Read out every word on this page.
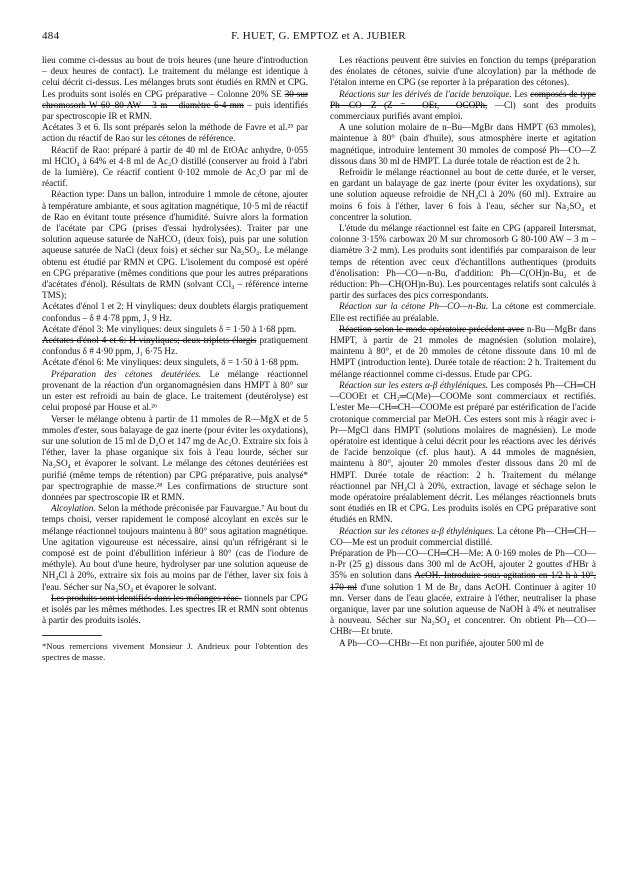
484	F. HUET, G. EMPTOZ et A. JUBIER

lieu comme ci-dessus au bout de trois heures (une heure d'introduction – deux heures de contact). Le traitement du mélange est identique à celui décrit ci-dessus. Les mélanges bruts sont étudiés en RMN et CPG. Les produits sont isolés en CPG préparative – Colonne 20% SE 30 sur chromosorb W 60–80 AW – 3 m – diamètre 6·4 mm – puis identifiés par spectroscopie IR et RMN.

Acétates 3 et 6. Ils sont préparés selon la méthode de Favre et al.²⁵ par action du réactif de Rao sur les cétones de référence.

Réactif de Rao: préparé à partir de 40 ml de EtOAc anhydre, 0·055 ml HClO₄ à 64% et 4·8 ml de Ac₂O distillé (conserver au froid à l'abri de la lumière). Ce réactif contient 0·102 mmole de Ac₂O par ml de réactif.

Réaction type: Dans un ballon, introduire 1 mmole de cétone, ajouter à température ambiante, et sous agitation magnétique, 10·5 ml de réactif de Rao en évitant toute présence d'humidité. Suivre alors la formation de l'acétate par CPG (prises d'essai hydrolysées). Traiter par une solution aqueuse saturée de NaHCO₃ (deux fois), puis par une solution aqueuse saturée de NaCl (deux fois) et sécher sur Na₂SO₄. Le mélange obtenu est étudié par RMN et CPG. L'isolement du composé est opéré en CPG préparative (mêmes conditions que pour les autres préparations d'acétates d'énol). Résultats de RMN (solvant CCl₄ – référence interne TMS);

Acétates d'énol 1 et 2: H vinyliques: deux doublets élargis pratiquement confondus – δ # 4·78 ppm, J₁ 9 Hz.

Acétate d'énol 3: Me vinyliques: deux singulets δ = 1·50 à 1·68 ppm.

Acétates d'énol 4 et 6: H vinyliques; deux triplets élargis pratiquement confondus δ # 4·90 ppm, J₁ 6·75 Hz.

Acétate d'énol 6: Me vinyliques: deux singulets, δ = 1·50 à 1·68 ppm.

Préparation des cétones deutériées. Le mélange réactionnel provenant de la réaction d'un organomagnésien dans HMPT à 80° sur un ester est refroidi au bain de glace. Le traitement (deutérolyse) est celui proposé par House et al.²⁶

Verser le mélange obtenu à partir de 11 mmoles de R—MgX et de 5 mmoles d'ester, sous balayage de gaz inerte (pour éviter les oxydations), sur une solution de 15 ml de D₂O et 147 mg de Ac₂O. Extraire six fois à l'éther, laver la phase organique six fois à l'eau lourde, sécher sur Na₂SO₄ et évaporer le solvant. Le mélange des cétones deutériées est purifié (même temps de rétention) par CPG préparative, puis analysé* par spectrographie de masse.²⁸ Les confirmations de structure sont données par spectroscopie IR et RMN.

Alcoylation. Selon la méthode préconisée par Fauvargue.⁷ Au bout du temps choisi, verser rapidement le composé alcoylant en excès sur le mélange réactionnel toujours maintenu à 80° sous agitation magnétique. Une agitation vigoureuse est nécessaire, ainsi qu'un réfrigérant si le composé est de point d'ébullition inférieur à 80° (cas de l'iodure de méthyle). Au bout d'une heure, hydrolyser par une solution aqueuse de NH₄Cl à 20%, extraire six fois au moins par de l'éther, laver six fois à l'eau. Sécher sur Na₂SO₄ et évaporer le solvant.

Les produits sont identifiés dans les mélanges réac- tionnels par CPG et isolés par les mêmes méthodes. Les spectres IR et RMN sont obtenus à partir des produits isolés.

*Nous remercions vivement Monsieur J. Andrieux pour l'obtention des spectres de masse.

Les réactions peuvent être suivies en fonction du temps (préparation des énolates de cétones, suivie d'une alcoylation) par la méthode de l'étalon interne en CPG (se reporter à la préparation des cétones).

Réactions sur les dérivés de l'acide benzoïque. Les composés de type Ph—CO—Z (Z = —OEt, —OCOPh, —Cl) sont des produits commerciaux purifiés avant emploi.

A une solution molaire de n–Bu—MgBr dans HMPT (63 mmoles), maintenue à 80° (bain d'huile), sous atmosphère inerte et agitation magnétique, introduire lentement 30 mmoles de composé Ph—CO—Z dissous dans 30 ml de HMPT. La durée totale de réaction est de 2 h.

Refroidir le mélange réactionnel au bout de cette durée, et le verser, en gardant un balayage de gaz inerte (pour éviter les oxydations), sur une solution aqueuse refroidie de NH₄Cl à 20% (60 ml). Extraire au moins 6 fois à l'éther, laver 6 fois à l'eau, sécher sur Na₂SO₄ et concentrer la solution.

L'étude du mélange réactionnel est faite en CPG (appareil Intersmat, colonne 3·15% carbowax 20 M sur chromosorb G 80-100 AW – 3 m – diamètre 3·2 mm). Les produits sont identifiés par comparaison de leur temps de rétention avec ceux d'échantillons authentiques (produits d'énolisation: Ph—CO—n-Bu, d'addition: Ph—C(OH)n-Bu₂ et de réduction: Ph—CH(OH)n-Bu). Les pourcentages relatifs sont calculés à partir des surfaces des pics correspondants.

Réaction sur la cétone Ph—CO—n-Bu. La cétone est commerciale. Elle est rectifiée au préalable.

Réaction selon le mode opératoire précédent avec n-Bu—MgBr dans HMPT, à partir de 21 mmoles de magnésien (solution molaire), maintenu à 80°, et de 20 mmoles de cétone dissoute dans 10 ml de HMPT (introduction lente). Durée totale de réaction: 2 h. Traitement du mélange réactionnel comme ci-dessus. Etude par CPG.

Réaction sur les esters α-β éthyléniques. Les composés Ph—CH═CH—COOEt et CH₂═C(Me)—COOMe sont commerciaux et rectifiés. L'ester Me—CH═CH—COOMe est préparé par estérification de l'acide crotonique commercial par MeOH. Ces esters sont mis à réagir avec i-Pr—MgCl dans HMPT (solutions molaires de magnésien). Le mode opératoire est identique à celui décrit pour les réactions avec les dérivés de l'acide benzoïque (cf. plus haut). A 44 mmoles de magnésien, maintenu à 80°, ajouter 20 mmoles d'ester dissous dans 20 ml de HMPT. Durée totale de réaction: 2 h. Traitement du mélange réactionnel par NH₄Cl à 20%, extraction, lavage et séchage selon le mode opératoire préalablement décrit. Les mélanges réactionnels bruts sont étudiés en IR et CPG. Les produits isolés en CPG préparative sont étudiés en RMN.

Réaction sur les cétones α-β éthyléniques. La cétone Ph—CH═CH—CO—Me est un produit commercial distillé.

Préparation de Ph—CO—CH═CH—Me: A 0·169 moles de Ph—CO—n-Pr (25 g) dissous dans 300 ml de AcOH, ajouter 2 gouttes d'HBr à 35% en solution dans AcOH. Introduire sous agitation en 1/2 h à 10°, 170 ml d'une solution 1 M de Br₂ dans AcOH. Continuer à agiter 10 mn. Verser dans de l'eau glacée, extraire à l'éther, neutraliser la phase organique, laver par une solution aqueuse de NaOH à 4% et neutraliser à nouveau. Sécher sur Na₂SO₄ et concentrer. On obtient Ph—CO—CHBr—Et brute.

A Ph—CO—CHBr—Et non purifiée, ajouter 500 ml de
